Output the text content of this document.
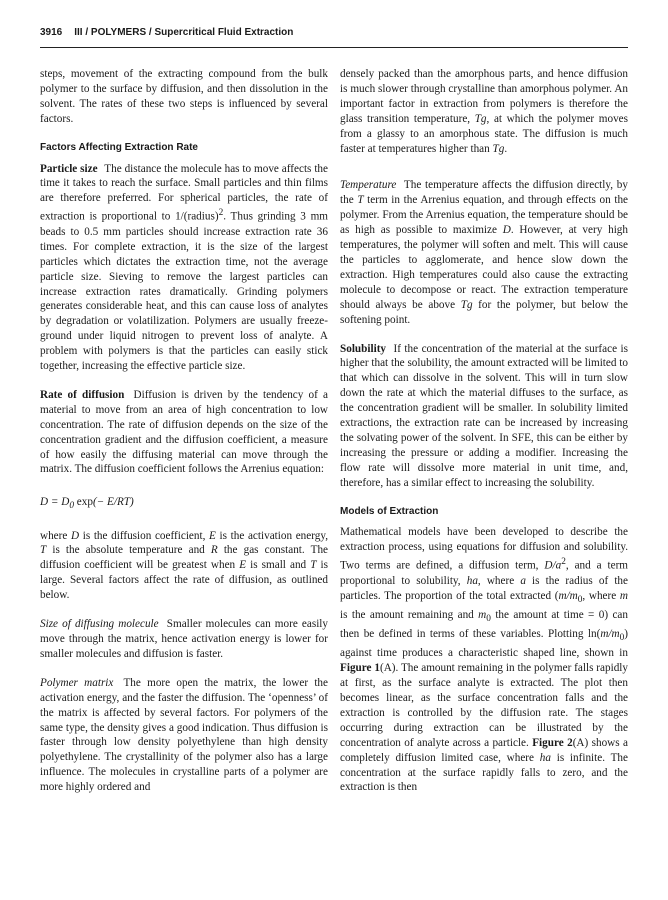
3916 III / POLYMERS / Supercritical Fluid Extraction

steps, movement of the extracting compound from the bulk polymer to the surface by diffusion, and then dissolution in the solvent. The rates of these two steps is influenced by several factors.

Factors Affecting Extraction Rate

Particle size The distance the molecule has to move affects the time it takes to reach the surface. Small particles and thin films are therefore preferred. For spherical particles, the rate of extraction is proportional to 1/(radius)$^2$. Thus grinding 3 mm beads to 0.5 mm particles should increase extraction rate 36 times. For complete extraction, it is the size of the largest particles which dictates the extraction time, not the average particle size. Sieving to remove the largest particles can increase extraction rates dramatically. Grinding polymers generates considerable heat, and this can cause loss of analytes by degradation or volatilization. Polymers are usually freeze-ground under liquid nitrogen to prevent loss of analyte. A problem with polymers is that the particles can easily stick together, increasing the effective particle size.

Rate of diffusion Diffusion is driven by the tendency of a material to move from an area of high concentration to low concentration. The rate of diffusion depends on the size of the concentration gradient and the diffusion coefficient, a measure of how easily the diffusing material can move through the matrix. The diffusion coefficient follows the Arrenius equation:

$D = D_0$ exp(− E/RT)

where D is the diffusion coefficient, E is the activation energy, T is the absolute temperature and R the gas constant. The diffusion coefficient will be greatest when E is small and T is large. Several factors affect the rate of diffusion, as outlined below.

Size of diffusing molecule Smaller molecules can more easily move through the matrix, hence activation energy is lower for smaller molecules and diffusion is faster.

Polymer matrix The more open the matrix, the lower the activation energy, and the faster the diffusion. The ‘openness’ of the matrix is affected by several factors. For polymers of the same type, the density gives a good indication. Thus diffusion is faster through low density polyethylene than high density polyethylene. The crystallinity of the polymer also has a large influence. The molecules in crystalline parts of a polymer are more highly ordered and

densely packed than the amorphous parts, and hence diffusion is much slower through crystalline than amorphous polymer. An important factor in extraction from polymers is therefore the glass transition temperature, Tg, at which the polymer moves from a glassy to an amorphous state. The diffusion is much faster at temperatures higher than Tg.

Temperature The temperature affects the diffusion directly, by the T term in the Arrenius equation, and through effects on the polymer. From the Arrenius equation, the temperature should be as high as possible to maximize D. However, at very high temperatures, the polymer will soften and melt. This will cause the particles to agglomerate, and hence slow down the extraction. High temperatures could also cause the extracting molecule to decompose or react. The extraction temperature should always be above Tg for the polymer, but below the softening point.

Solubility If the concentration of the material at the surface is higher that the solubility, the amount extracted will be limited to that which can dissolve in the solvent. This will in turn slow down the rate at which the material diffuses to the surface, as the concentration gradient will be smaller. In solubility limited extractions, the extraction rate can be increased by increasing the solvating power of the solvent. In SFE, this can be either by increasing the pressure or adding a modifier. Increasing the flow rate will dissolve more material in unit time, and, therefore, has a similar effect to increasing the solubility.

Models of Extraction

Mathematical models have been developed to describe the extraction process, using equations for diffusion and solubility. Two terms are defined, a diffusion term, $D/a^2$, and a term proportional to solubility, ha, where a is the radius of the particles. The proportion of the total extracted ($m/m_0$, where m is the amount remaining and $m_0$ the amount at time = 0) can then be defined in terms of these variables. Plotting $\ln(m/m_0)$ against time produces a characteristic shaped line, shown in Figure 1(A). The amount remaining in the polymer falls rapidly at first, as the surface analyte is extracted. The plot then becomes linear, as the surface concentration falls and the extraction is controlled by the diffusion rate. The stages occurring during extraction can be illustrated by the concentration of analyte across a particle. Figure 2(A) shows a completely diffusion limited case, where ha is infinite. The concentration at the surface rapidly falls to zero, and the extraction is then
